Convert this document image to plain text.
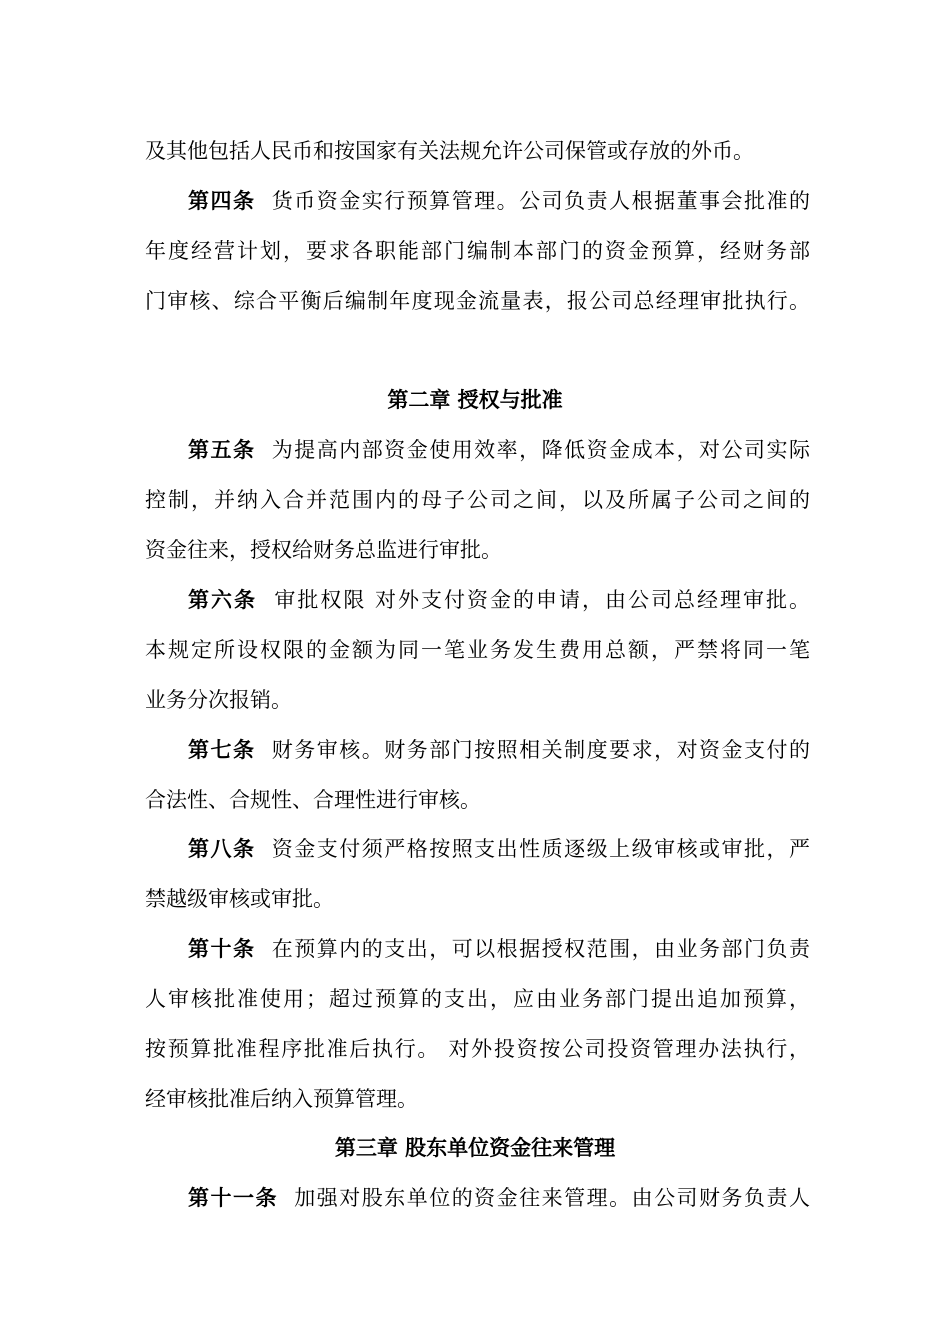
及其他包括人民币和按国家有关法规允许公司保管或存放的外币。
第四条 货币资金实行预算管理。公司负责人根据董事会批准的
年度经营计划，要求各职能部门编制本部门的资金预算，经财务部
门审核、综合平衡后编制年度现金流量表，报公司总经理审批执行。
第二章 授权与批准
第五条 为提高内部资金使用效率，降低资金成本，对公司实际
控制，并纳入合并范围内的母子公司之间，以及所属子公司之间的
资金往来，授权给财务总监进行审批。
第六条 审批权限 对外支付资金的申请，由公司总经理审批。
本规定所设权限的金额为同一笔业务发生费用总额，严禁将同一笔
业务分次报销。
第七条 财务审核。财务部门按照相关制度要求，对资金支付的
合法性、合规性、合理性进行审核。
第八条 资金支付须严格按照支出性质逐级上级审核或审批，严
禁越级审核或审批。
第十条 在预算内的支出，可以根据授权范围，由业务部门负责
人审核批准使用；超过预算的支出，应由业务部门提出追加预算，
按预算批准程序批准后执行。 对外投资按公司投资管理办法执行，
经审核批准后纳入预算管理。
第三章 股东单位资金往来管理
第十一条 加强对股东单位的资金往来管理。由公司财务负责人
